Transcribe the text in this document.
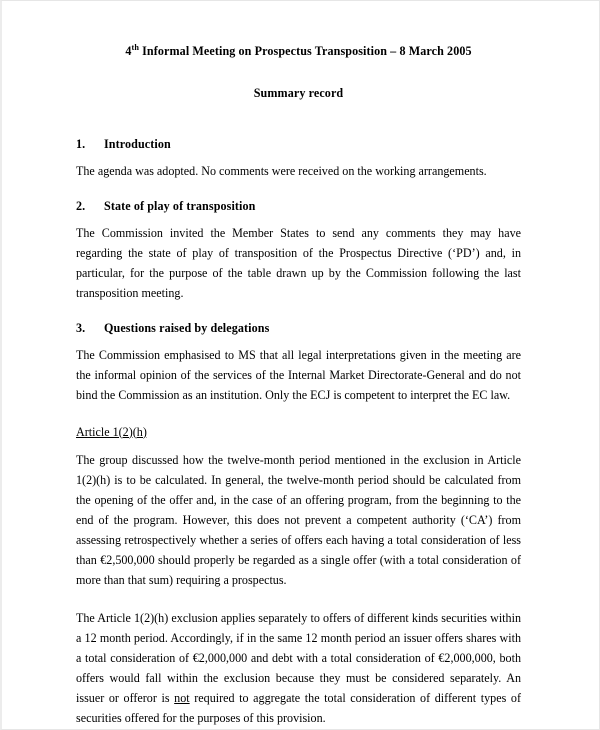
4th Informal Meeting on Prospectus Transposition – 8 March 2005
Summary record
1.	Introduction

The agenda was adopted. No comments were received on the working arrangements.

2.	State of play of transposition

The Commission invited the Member States to send any comments they may have regarding the state of play of transposition of the Prospectus Directive (‘PD’) and, in particular, for the purpose of the table drawn up by the Commission following the last transposition meeting.

3.	Questions raised by delegations

The Commission emphasised to MS that all legal interpretations given in the meeting are the informal opinion of the services of the Internal Market Directorate-General and do not bind the Commission as an institution. Only the ECJ is competent to interpret the EC law.

Article 1(2)(h)

The group discussed how the twelve-month period mentioned in the exclusion in Article 1(2)(h) is to be calculated. In general, the twelve-month period should be calculated from the opening of the offer and, in the case of an offering program, from the beginning to the end of the program. However, this does not prevent a competent authority (‘CA’) from assessing retrospectively whether a series of offers each having a total consideration of less than €2,500,000 should properly be regarded as a single offer (with a total consideration of more than that sum) requiring a prospectus.

The Article 1(2)(h) exclusion applies separately to offers of different kinds securities within a 12 month period. Accordingly, if in the same 12 month period an issuer offers shares with a total consideration of €2,000,000 and debt with a total consideration of €2,000,000, both offers would fall within the exclusion because they must be considered separately. An issuer or offeror is not required to aggregate the total consideration of different types of securities offered for the purposes of this provision.
